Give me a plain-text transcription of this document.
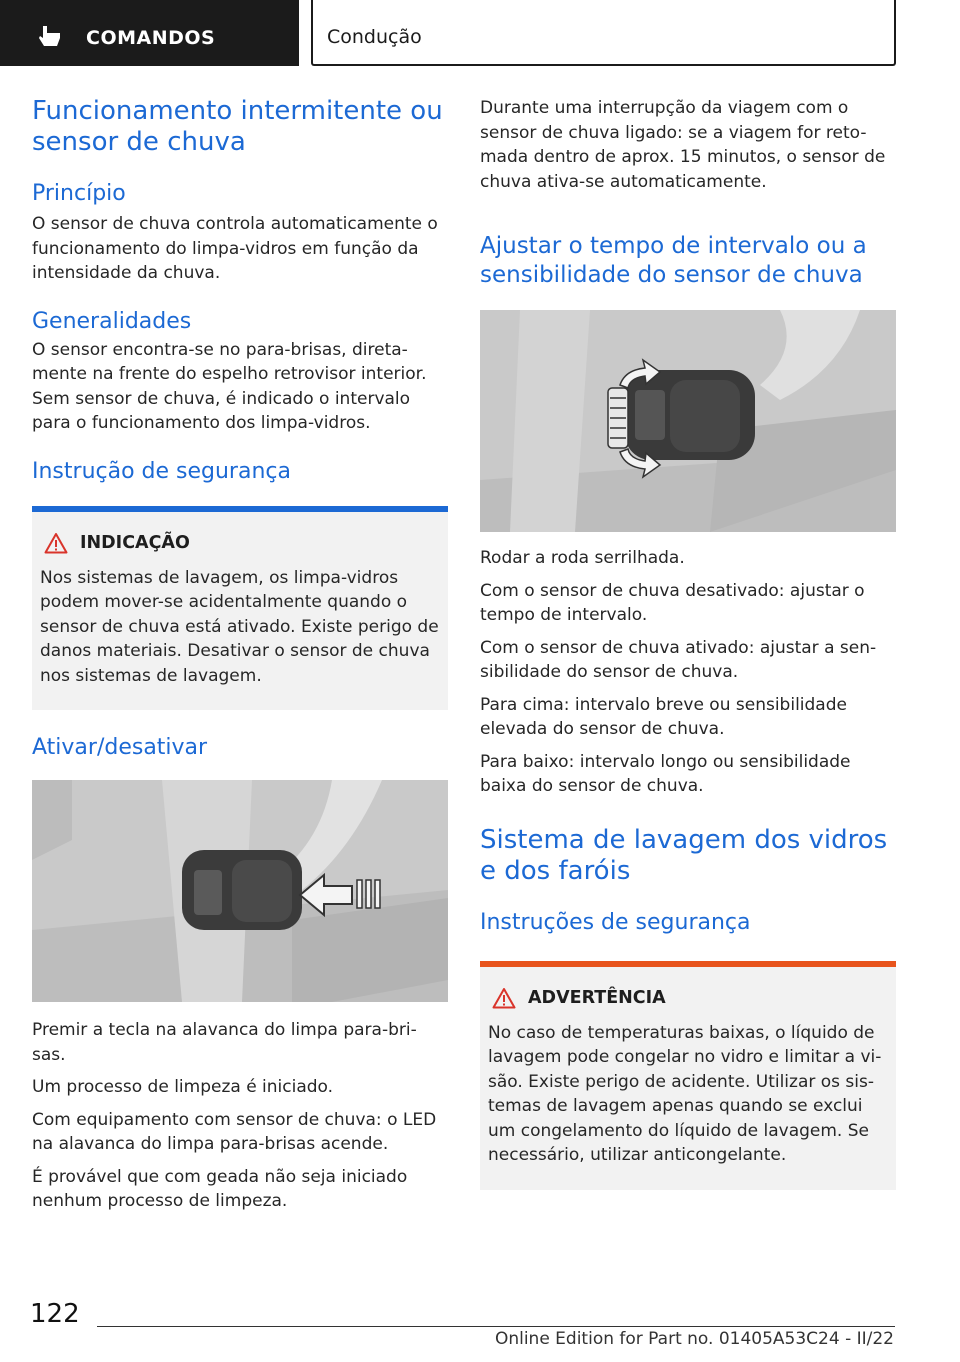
COMANDOS	Condução
Funcionamento intermitente ou sensor de chuva
Princípio

O sensor de chuva controla automaticamente o funcionamento do limpa-vidros em função da intensidade da chuva.

Generalidades

O sensor encontra-se no para-brisas, direta-mente na frente do espelho retrovisor interior. Sem sensor de chuva, é indicado o intervalo para o funcionamento dos limpa-vidros.

Instrução de segurança
INDICAÇÃO

Nos sistemas de lavagem, os limpa-vidros podem mover-se acidentalmente quando o sensor de chuva está ativado. Existe perigo de danos materiais. Desativar o sensor de chuva nos sistemas de lavagem.

Ativar/desativar

Premir a tecla na alavanca do limpa para-bri-sas.

Um processo de limpeza é iniciado.

Com equipamento com sensor de chuva: o LED na alavanca do limpa para-brisas acende.

É provável que com geada não seja iniciado nenhum processo de limpeza.

Durante uma interrupção da viagem com o sensor de chuva ligado: se a viagem for reto-mada dentro de aprox. 15 minutos, o sensor de chuva ativa-se automaticamente.

Ajustar o tempo de intervalo ou a sensibilidade do sensor de chuva

Rodar a roda serrilhada.

Com o sensor de chuva desativado: ajustar o tempo de intervalo.

Com o sensor de chuva ativado: ajustar a sen-sibilidade do sensor de chuva.

Para cima: intervalo breve ou sensibilidade elevada do sensor de chuva.

Para baixo: intervalo longo ou sensibilidade baixa do sensor de chuva.

Sistema de lavagem dos vidros e dos faróis
Instruções de segurança
ADVERTÊNCIA

No caso de temperaturas baixas, o líquido de lavagem pode congelar no vidro e limitar a vi-são. Existe perigo de acidente. Utilizar os sis-temas de lavagem apenas quando se exclui um congelamento do líquido de lavagem. Se necessário, utilizar anticongelante.

122
Online Edition for Part no. 01405A53C24 - II/22
